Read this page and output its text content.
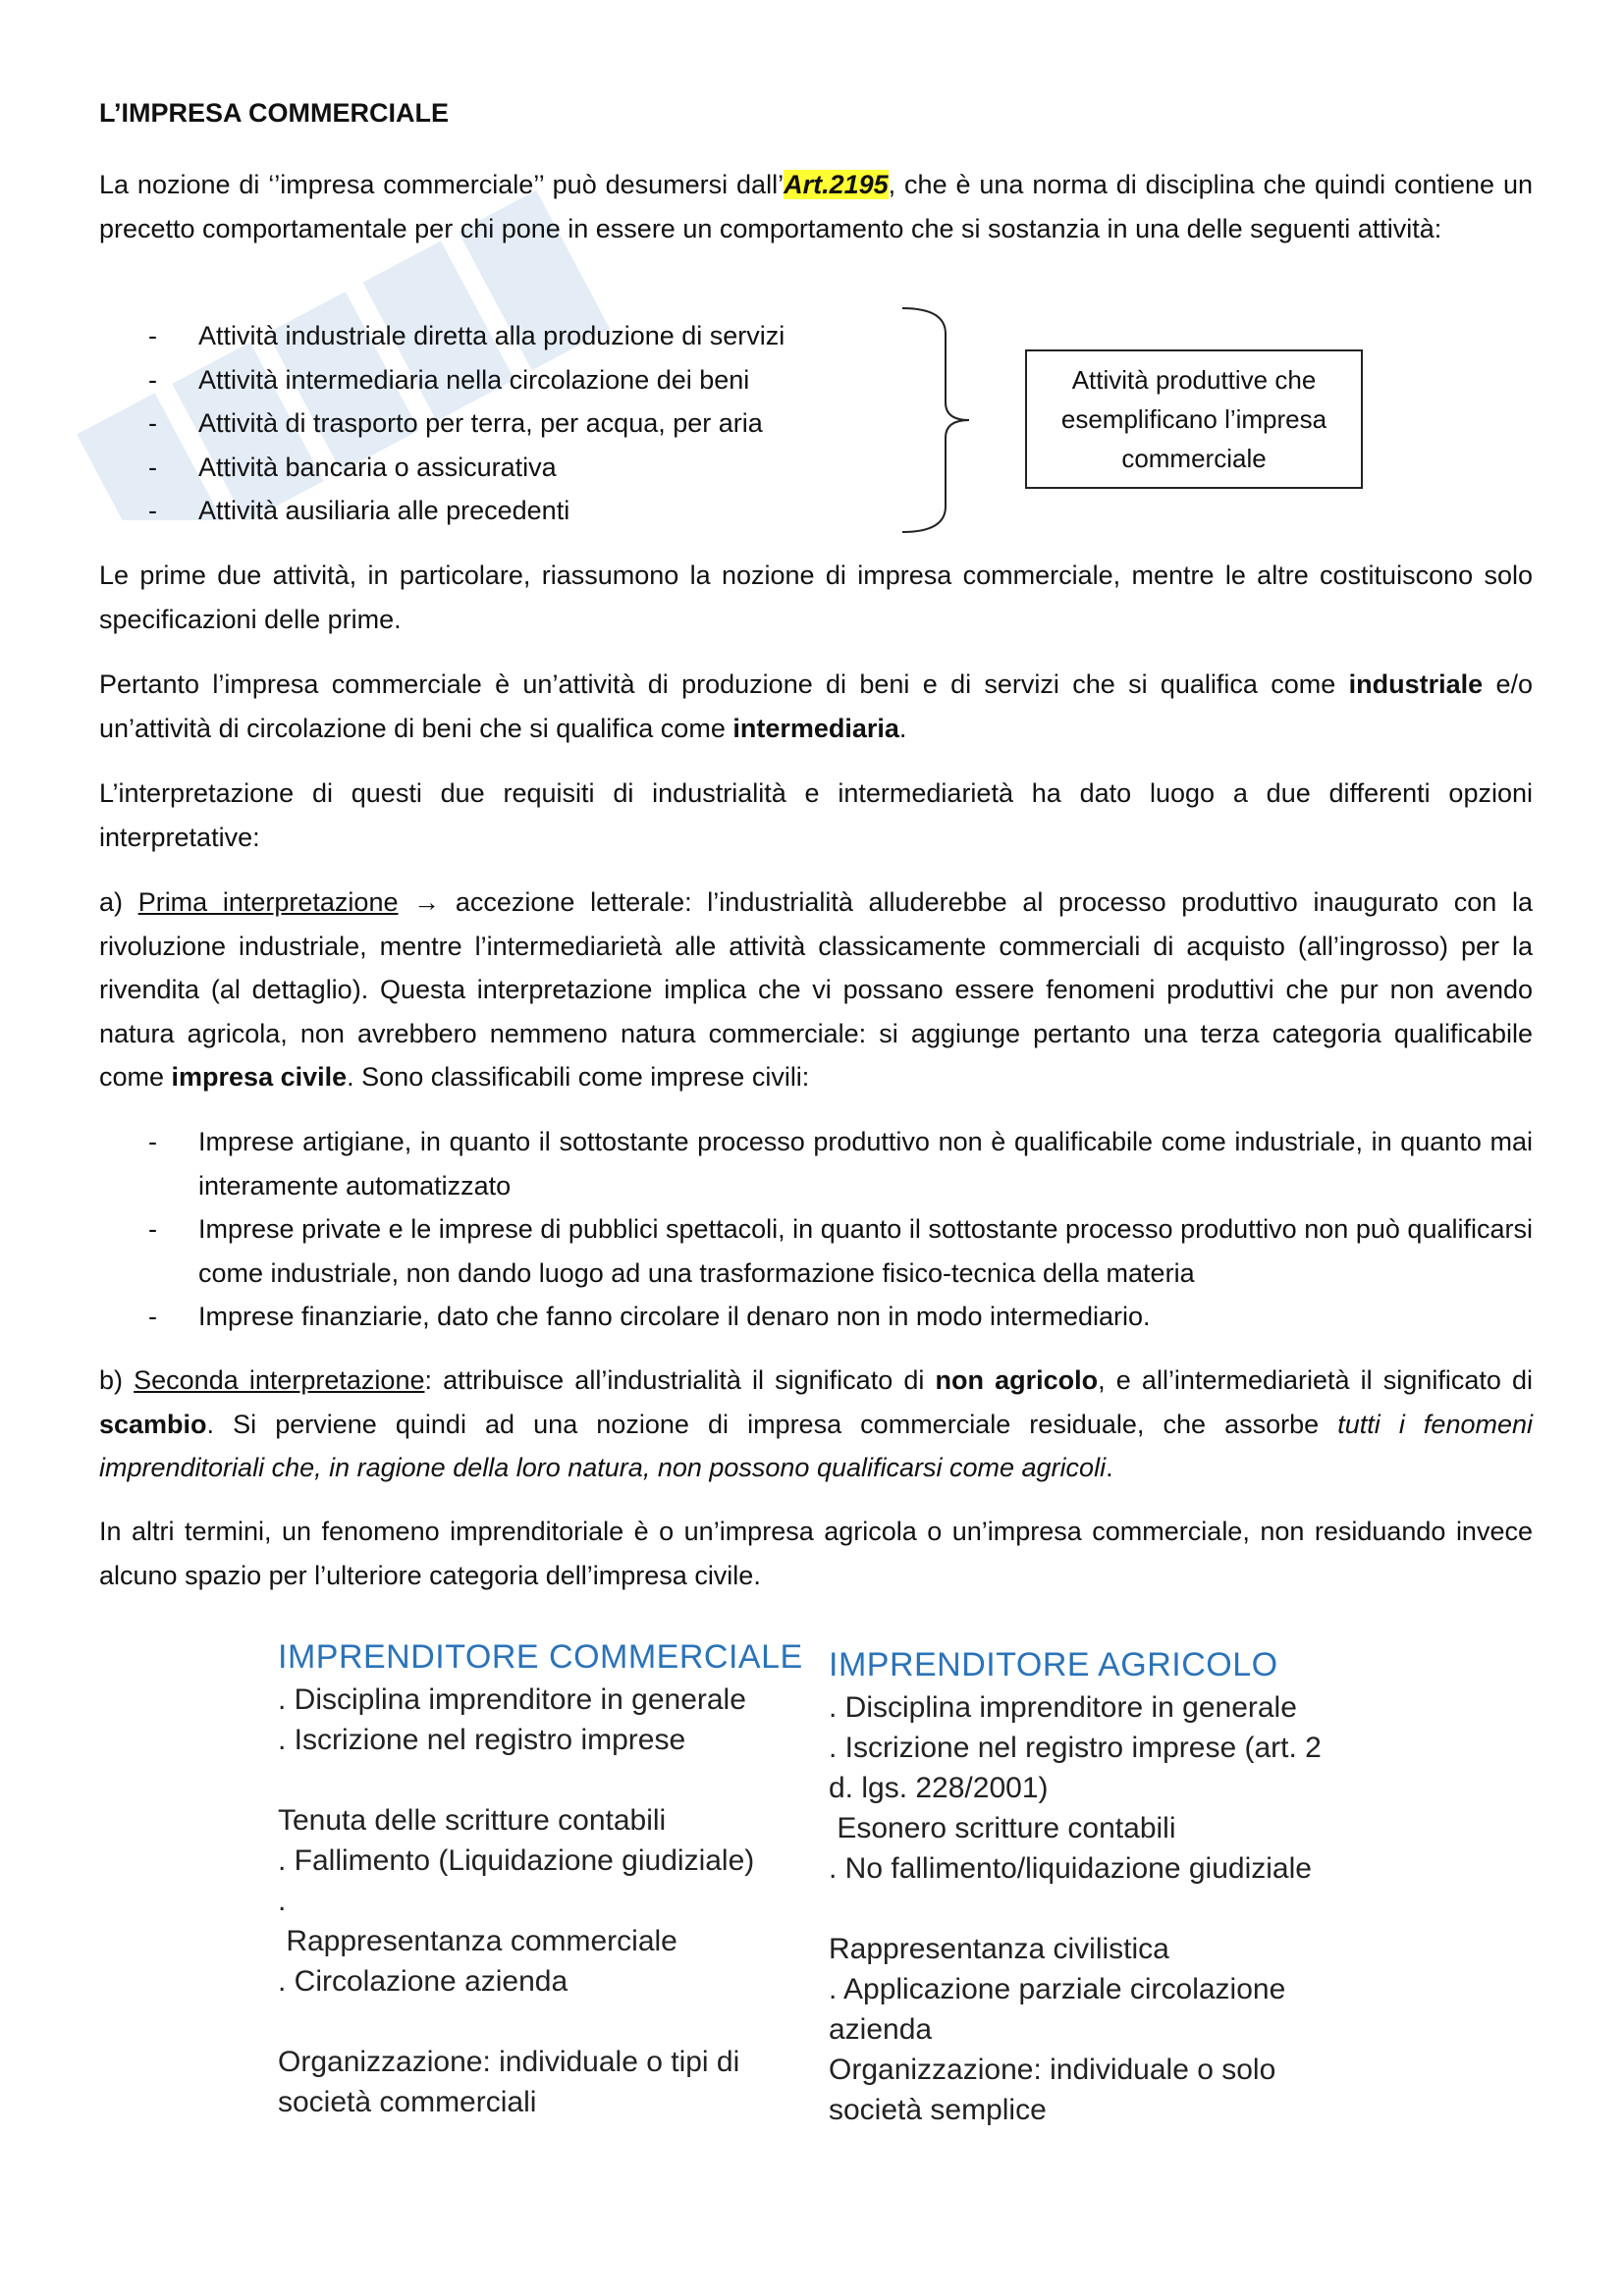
L’IMPRESA COMMERCIALE

La nozione di ‘’impresa commerciale’’ può desumersi dall’Art.2195, che è una norma di disciplina che quindi contiene un precetto comportamentale per chi pone in essere un comportamento che si sostanzia in una delle seguenti attività:

- Attività industriale diretta alla produzione di servizi
- Attività intermediaria nella circolazione dei beni
- Attività di trasporto per terra, per acqua, per aria
- Attività bancaria o assicurativa
- Attività ausiliaria alle precedenti
Attività produttive che esemplificano l’impresa commerciale

Le prime due attività, in particolare, riassumono la nozione di impresa commerciale, mentre le altre costituiscono solo specificazioni delle prime.

Pertanto l’impresa commerciale è un’attività di produzione di beni e di servizi che si qualifica come industriale e/o un’attività di circolazione di beni che si qualifica come intermediaria.

L’interpretazione di questi due requisiti di industrialità e intermediarietà ha dato luogo a due differenti opzioni interpretative:

a) Prima interpretazione → accezione letterale: l’industrialità alluderebbe al processo produttivo inaugurato con la rivoluzione industriale, mentre l’intermediarietà alle attività classicamente commerciali di acquisto (all’ingrosso) per la rivendita (al dettaglio). Questa interpretazione implica che vi possano essere fenomeni produttivi che pur non avendo natura agricola, non avrebbero nemmeno natura commerciale: si aggiunge pertanto una terza categoria qualificabile come impresa civile. Sono classificabili come imprese civili:

- Imprese artigiane, in quanto il sottostante processo produttivo non è qualificabile come industriale, in quanto mai interamente automatizzato
- Imprese private e le imprese di pubblici spettacoli, in quanto il sottostante processo produttivo non può qualificarsi come industriale, non dando luogo ad una trasformazione fisico-tecnica della materia
- Imprese finanziarie, dato che fanno circolare il denaro non in modo intermediario.

b) Seconda interpretazione: attribuisce all’industrialità il significato di non agricolo, e all’intermediarietà il significato di scambio. Si perviene quindi ad una nozione di impresa commerciale residuale, che assorbe tutti i fenomeni imprenditoriali che, in ragione della loro natura, non possono qualificarsi come agricoli.

In altri termini, un fenomeno imprenditoriale è o un’impresa agricola o un’impresa commerciale, non residuando invece alcuno spazio per l’ulteriore categoria dell’impresa civile.

IMPRENDITORE COMMERCIALE
. Disciplina imprenditore in generale
. Iscrizione nel registro imprese

Tenuta delle scritture contabili
. Fallimento (Liquidazione giudiziale)
.
Rappresentanza commerciale
. Circolazione azienda

Organizzazione: individuale o tipi di
società commerciali
IMPRENDITORE AGRICOLO
. Disciplina imprenditore in generale
. Iscrizione nel registro imprese (art. 2
d. lgs. 228/2001)
Esonero scritture contabili
. No fallimento/liquidazione giudiziale

Rappresentanza civilistica
. Applicazione parziale circolazione
azienda
Organizzazione: individuale o solo
società semplice
